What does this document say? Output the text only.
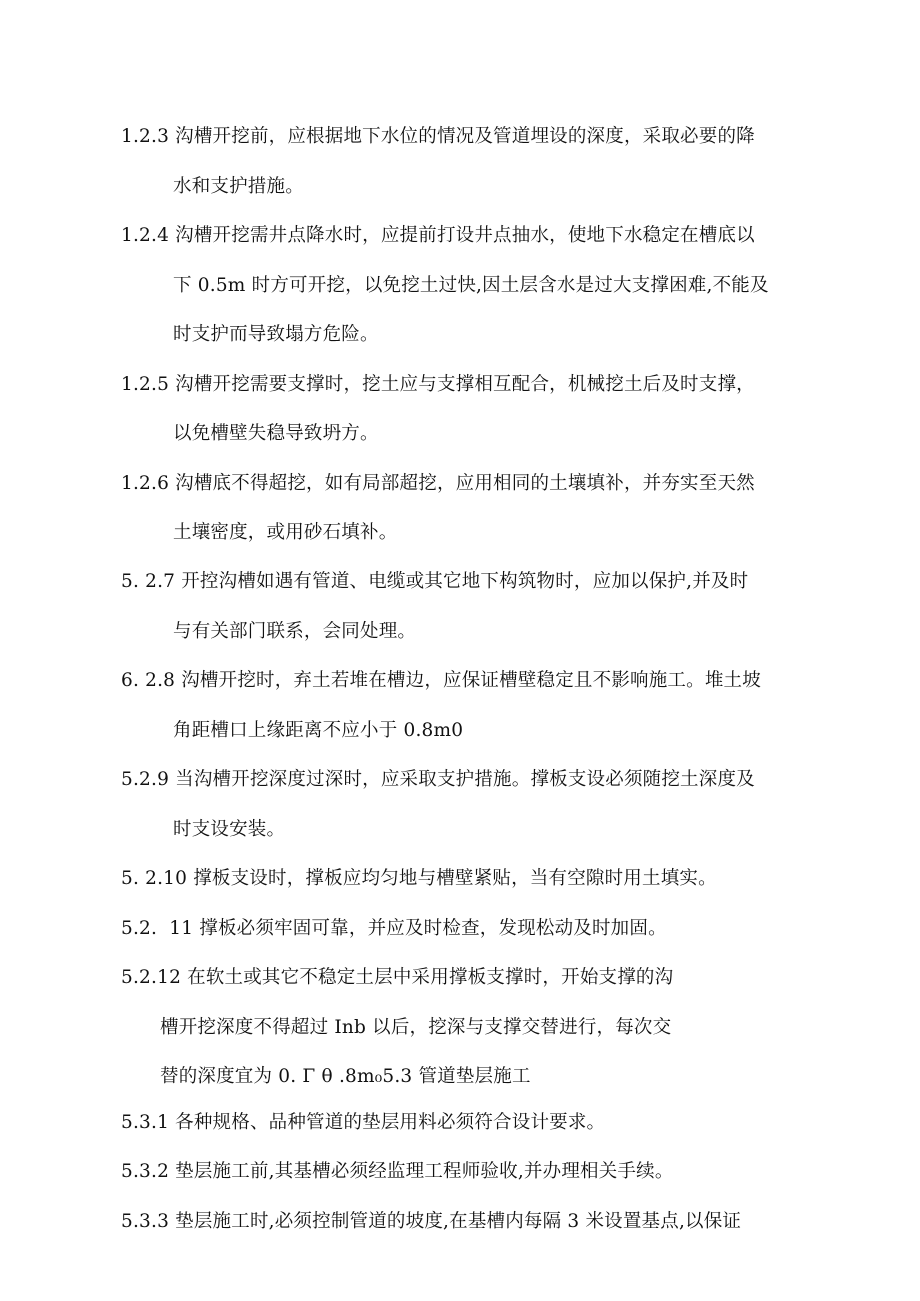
1.2.3 沟槽开挖前，应根据地下水位的情况及管道埋设的深度，采取必要的降
水和支护措施。
1.2.4 沟槽开挖需井点降水时，应提前打设井点抽水，使地下水稳定在槽底以
下 0.5m 时方可开挖，以免挖土过快,因土层含水是过大支撑困难,不能及
时支护而导致塌方危险。
1.2.5 沟槽开挖需要支撑时，挖土应与支撑相互配合，机械挖土后及时支撑，
以免槽壁失稳导致坍方。
1.2.6 沟槽底不得超挖，如有局部超挖，应用相同的土壤填补，并夯实至天然
土壤密度，或用砂石填补。
5. 2.7 开控沟槽如遇有管道、电缆或其它地下构筑物时，应加以保护,并及时
与有关部门联系，会同处理。
6. 2.8 沟槽开挖时，弃土若堆在槽边，应保证槽壁稳定且不影响施工。堆土坡
角距槽口上缘距离不应小于 0.8m0
5.2.9 当沟槽开挖深度过深时，应采取支护措施。撑板支设必须随挖土深度及
时支设安装。
5. 2.10 撑板支设时，撑板应均匀地与槽壁紧贴，当有空隙时用土填实。
5.2.  11 撑板必须牢固可靠，并应及时检查，发现松动及时加固。
5.2.12 在软土或其它不稳定土层中采用撑板支撑时，开始支撑的沟
槽开挖深度不得超过 Inb 以后，挖深与支撑交替进行，每次交
替的深度宜为 0. Γ θ .8m₀5.3 管道垫层施工
5.3.1 各种规格、品种管道的垫层用料必须符合设计要求。
5.3.2 垫层施工前,其基槽必须经监理工程师验收,并办理相关手续。
5.3.3 垫层施工时,必须控制管道的坡度,在基槽内每隔 3 米设置基点,以保证
